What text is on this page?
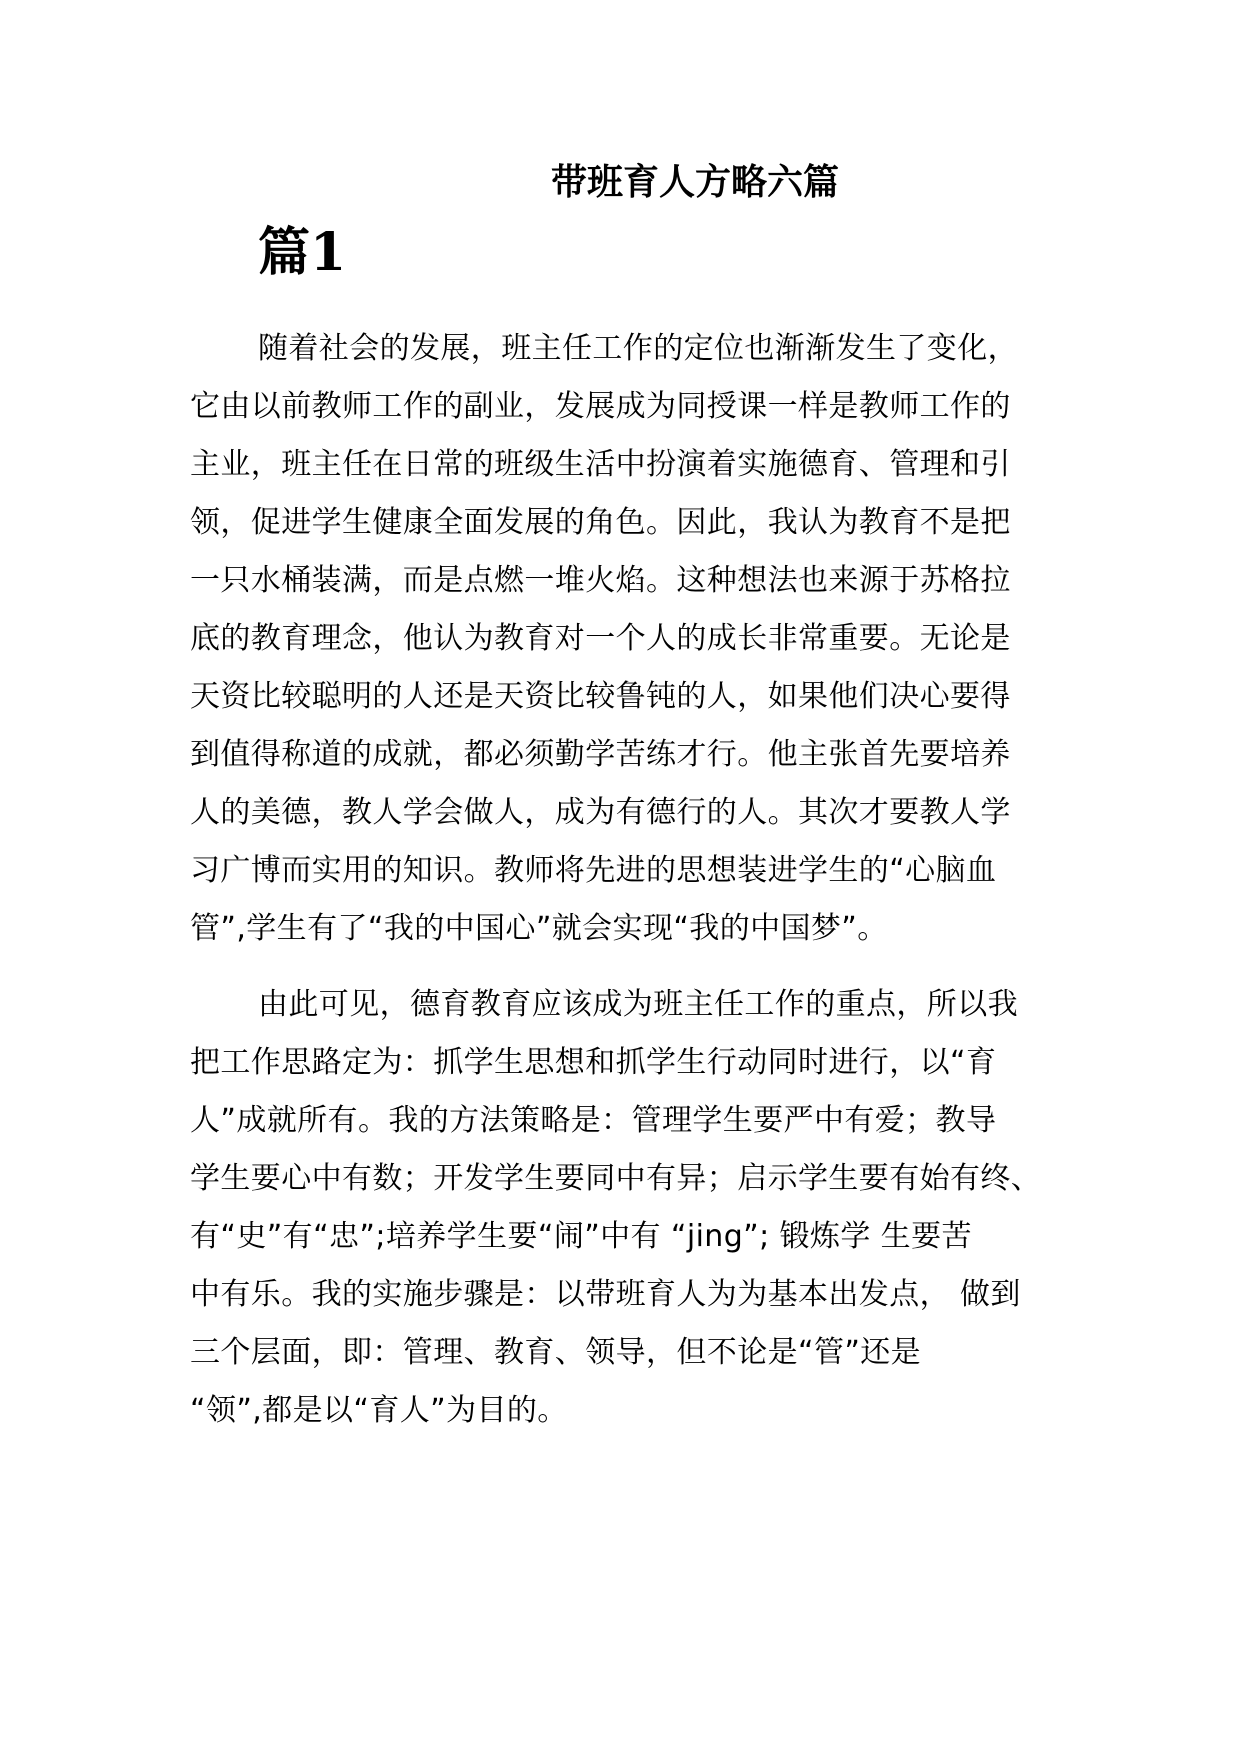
带班育人方略六篇
篇1

随着社会的发展，班主任工作的定位也渐渐发生了变化，
它由以前教师工作的副业，发展成为同授课一样是教师工作的
主业，班主任在日常的班级生活中扮演着实施德育、管理和引
领，促进学生健康全面发展的角色。因此，我认为教育不是把
一只水桶装满，而是点燃一堆火焰。这种想法也来源于苏格拉
底的教育理念，他认为教育对一个人的成长非常重要。无论是
天资比较聪明的人还是天资比较鲁钝的人，如果他们决心要得
到值得称道的成就，都必须勤学苦练才行。他主张首先要培养
人的美德，教人学会做人，成为有德行的人。其次才要教人学
习广博而实用的知识。教师将先进的思想装进学生的“心脑血
管”,学生有了“我的中国心”就会实现“我的中国梦”。

由此可见，德育教育应该成为班主任工作的重点，所以我
把工作思路定为：抓学生思想和抓学生行动同时进行，以“育
人”成就所有。我的方法策略是：管理学生要严中有爱；教导
学生要心中有数；开发学生要同中有异；启示学生要有始有终、
有“史”有“忠”;培养学生要“闹”中有 “jing”; 锻炼学 生要苦
中有乐。我的实施步骤是：以带班育人为为基本出发点， 做到
三个层面，即：管理、教育、领导，但不论是“管”还是
“领”,都是以“育人”为目的。
